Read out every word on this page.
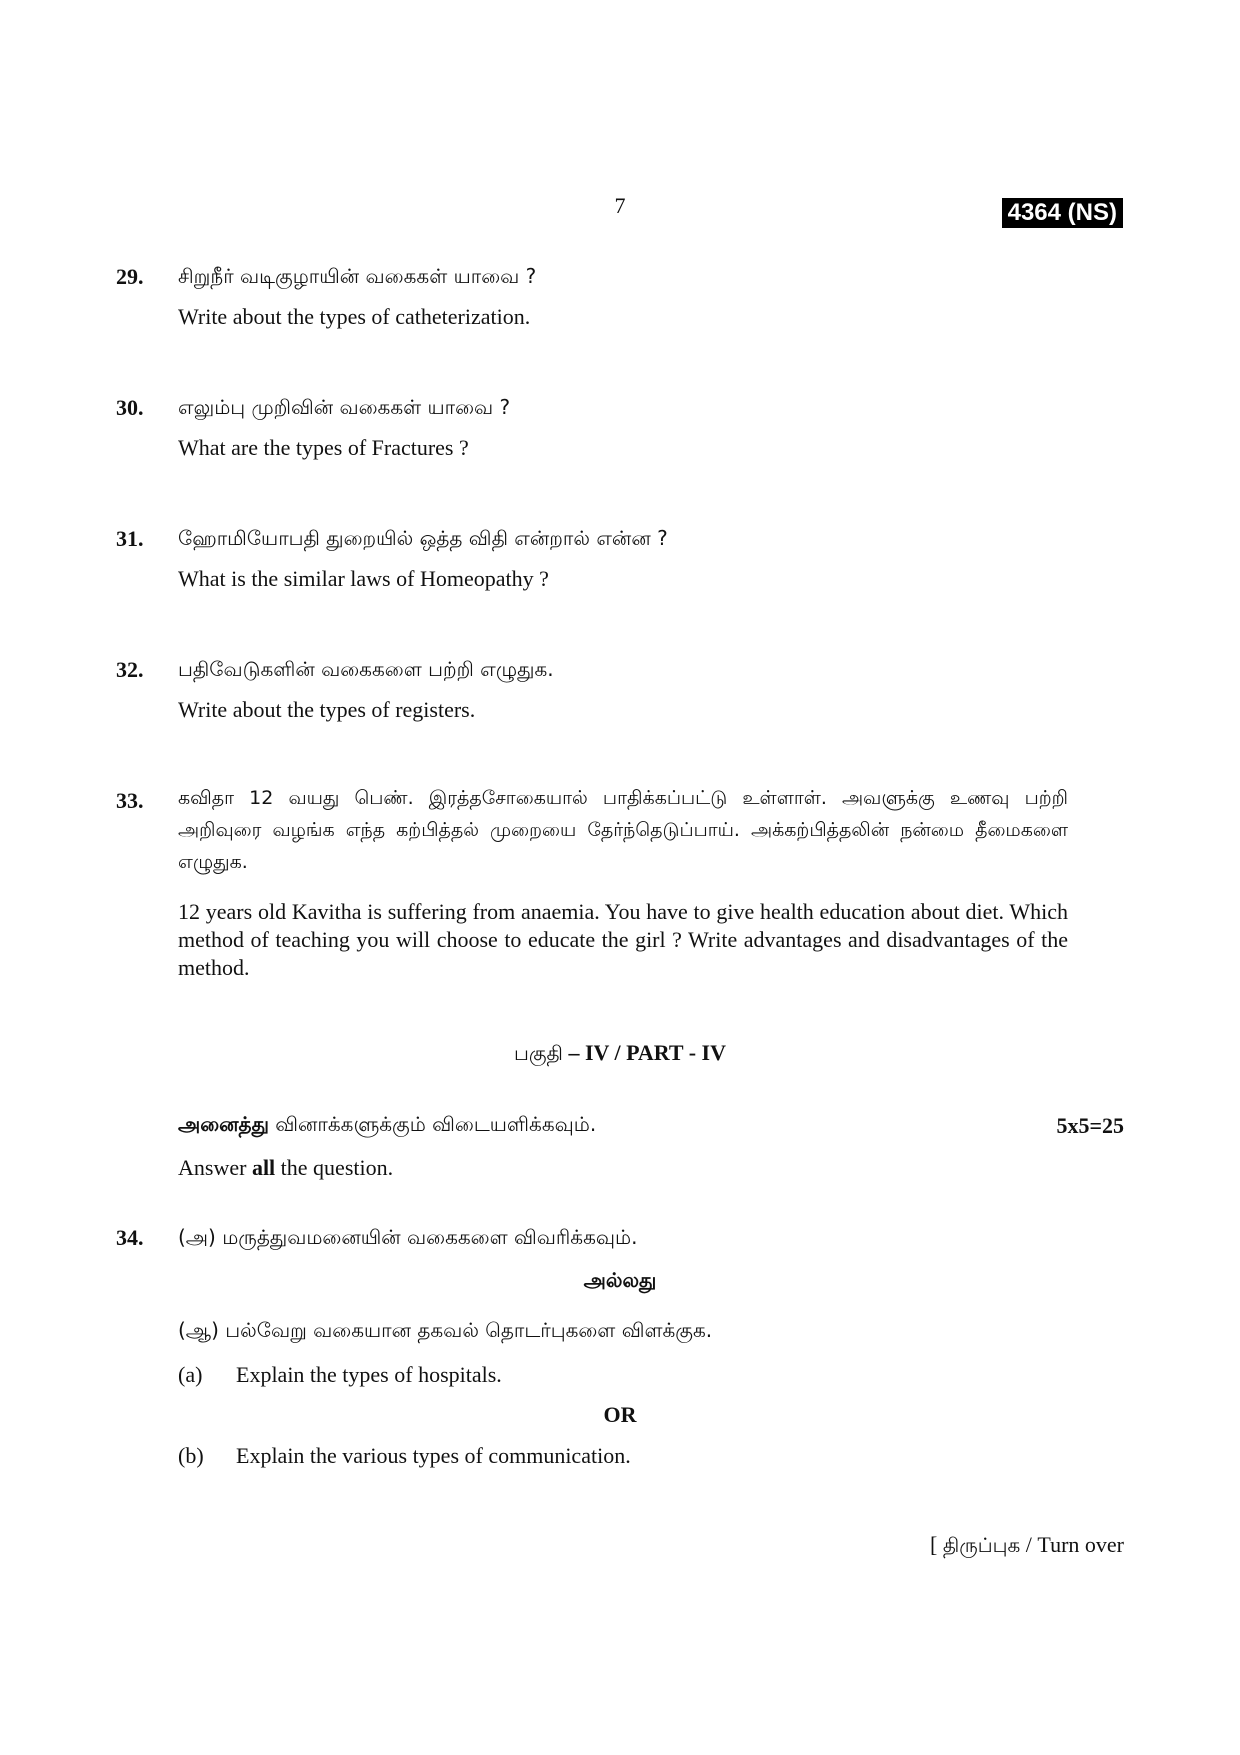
7	4364 (NS)
29. சிறுநீர் வடிகுழாயின் வகைகள் யாவை ?
Write about the types of catheterization.
30. எலும்பு முறிவின் வகைகள் யாவை ?
What are the types of Fractures ?
31. ஹோமியோபதி துறையில் ஒத்த விதி என்றால் என்ன ?
What is the similar laws of Homeopathy ?
32. பதிவேடுகளின் வகைகளை பற்றி எழுதுக.
Write about the types of registers.
33. கவிதா 12 வயது பெண். இரத்தசோகையால் பாதிக்கப்பட்டு உள்ளாள். அவளுக்கு உணவு பற்றி அறிவுரை வழங்க எந்த கற்பித்தல் முறையை தேர்ந்தெடுப்பாய். அக்கற்பித்தலின் நன்மை தீமைகளை எழுதுக.
12 years old Kavitha is suffering from anaemia. You have to give health education about diet. Which method of teaching you will choose to educate the girl ? Write advantages and disadvantages of the method.
பகுதி – IV / PART - IV
அனைத்து வினாக்களுக்கும் விடையளிக்கவும்.	5x5=25
Answer all the question.
34. (அ) மருத்துவமனையின் வகைகளை விவரிக்கவும்.
அல்லது
(ஆ) பல்வேறு வகையான தகவல் தொடர்புகளை விளக்குக.
(a) Explain the types of hospitals.
OR
(b) Explain the various types of communication.
[ திருப்புக / Turn over
